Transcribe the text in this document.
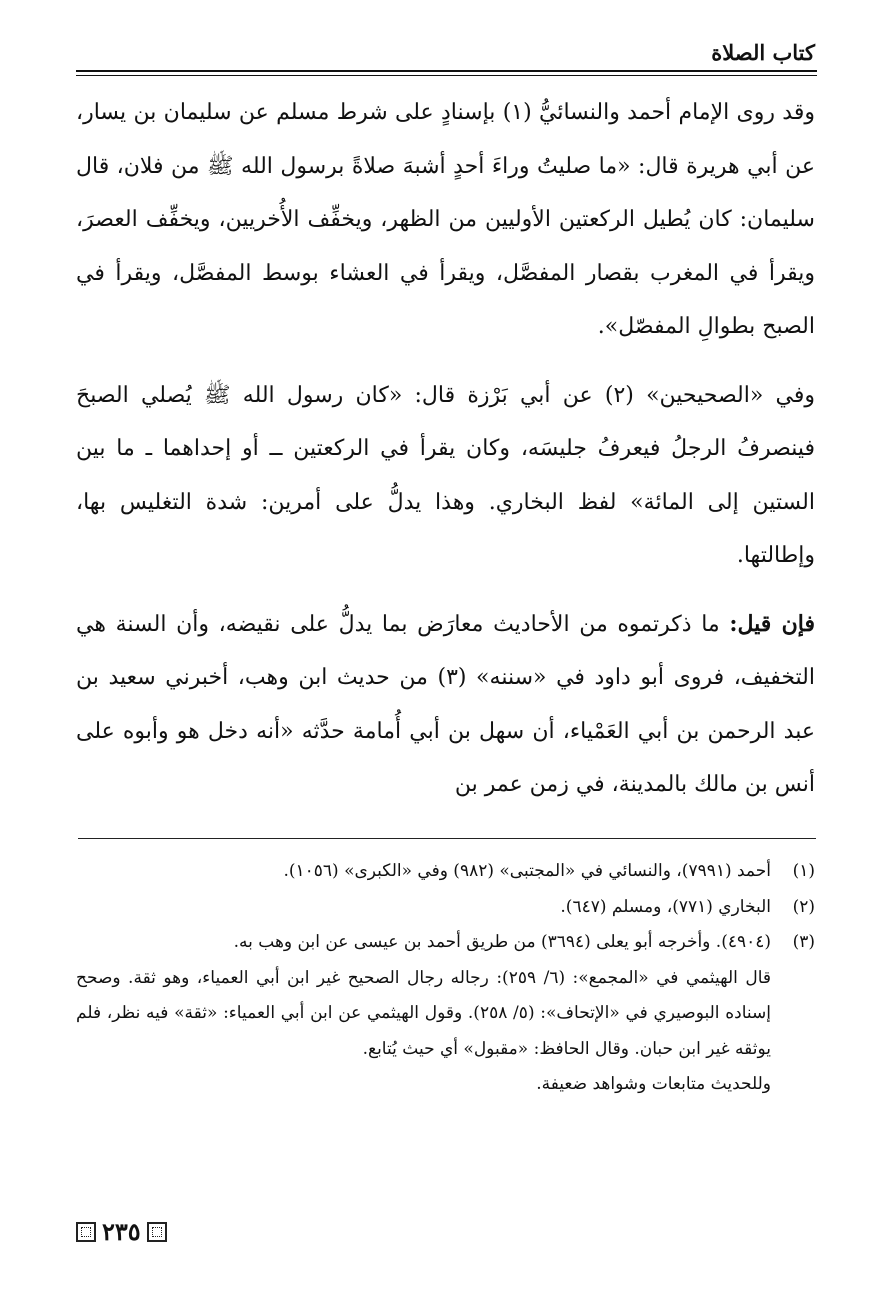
كتاب الصلاة

وقد روى الإمام أحمد والنسائيُّ (١) بإسنادٍ على شرط مسلم عن سليمان بن يسار، عن أبي هريرة قال: «ما صليتُ وراءَ أحدٍ أشبهَ صلاةً برسول الله ﷺ من فلان، قال سليمان: كان يُطيل الركعتين الأوليين من الظهر، ويخفِّف الأُخريين، ويخفِّف العصرَ، ويقرأ في المغرب بقصار المفصَّل، ويقرأ في العشاء بوسط المفصَّل، ويقرأ في الصبح بطوالِ المفصّل».

وفي «الصحيحين» (٢) عن أبي بَرْزة قال: «كان رسول الله ﷺ يُصلي الصبحَ فينصرفُ الرجلُ فيعرفُ جليسَه، وكان يقرأ في الركعتين ــ أو إحداهما ـ ما بين الستين إلى المائة» لفظ البخاري. وهذا يدلُّ على أمرين: شدة التغليس بها، وإطالتها.

فإن قيل: ما ذكرتموه من الأحاديث معارَض بما يدلُّ على نقيضه، وأن السنة هي التخفيف، فروى أبو داود في «سننه» (٣) من حديث ابن وهب، أخبرني سعيد بن عبد الرحمن بن أبي العَمْياء، أن سهل بن أبي أُمامة حدَّثه «أنه دخل هو وأبوه على أنس بن مالك بالمدينة، في زمن عمر بن

(١)
أحمد (٧٩٩١)، والنسائي في «المجتبى» (٩٨٢) وفي «الكبرى» (١٠٥٦).
(٢)
البخاري (٧٧١)، ومسلم (٦٤٧).
(٣)
(٤٩٠٤). وأخرجه أبو يعلى (٣٦٩٤) من طريق أحمد بن عيسى عن ابن وهب به.
قال الهيثمي في «المجمع»: (٦/ ٢٥٩): رجاله رجال الصحيح غير ابن أبي العمياء، وهو ثقة. وصحح إسناده البوصيري في «الإتحاف»: (٥/ ٢٥٨). وقول الهيثمي عن ابن أبي العمياء: «ثقة» فيه نظر، فلم يوثقه غير ابن حبان. وقال الحافظ: «مقبول» أي حيث يُتابع.
وللحديث متابعات وشواهد ضعيفة.
٢٣٥
